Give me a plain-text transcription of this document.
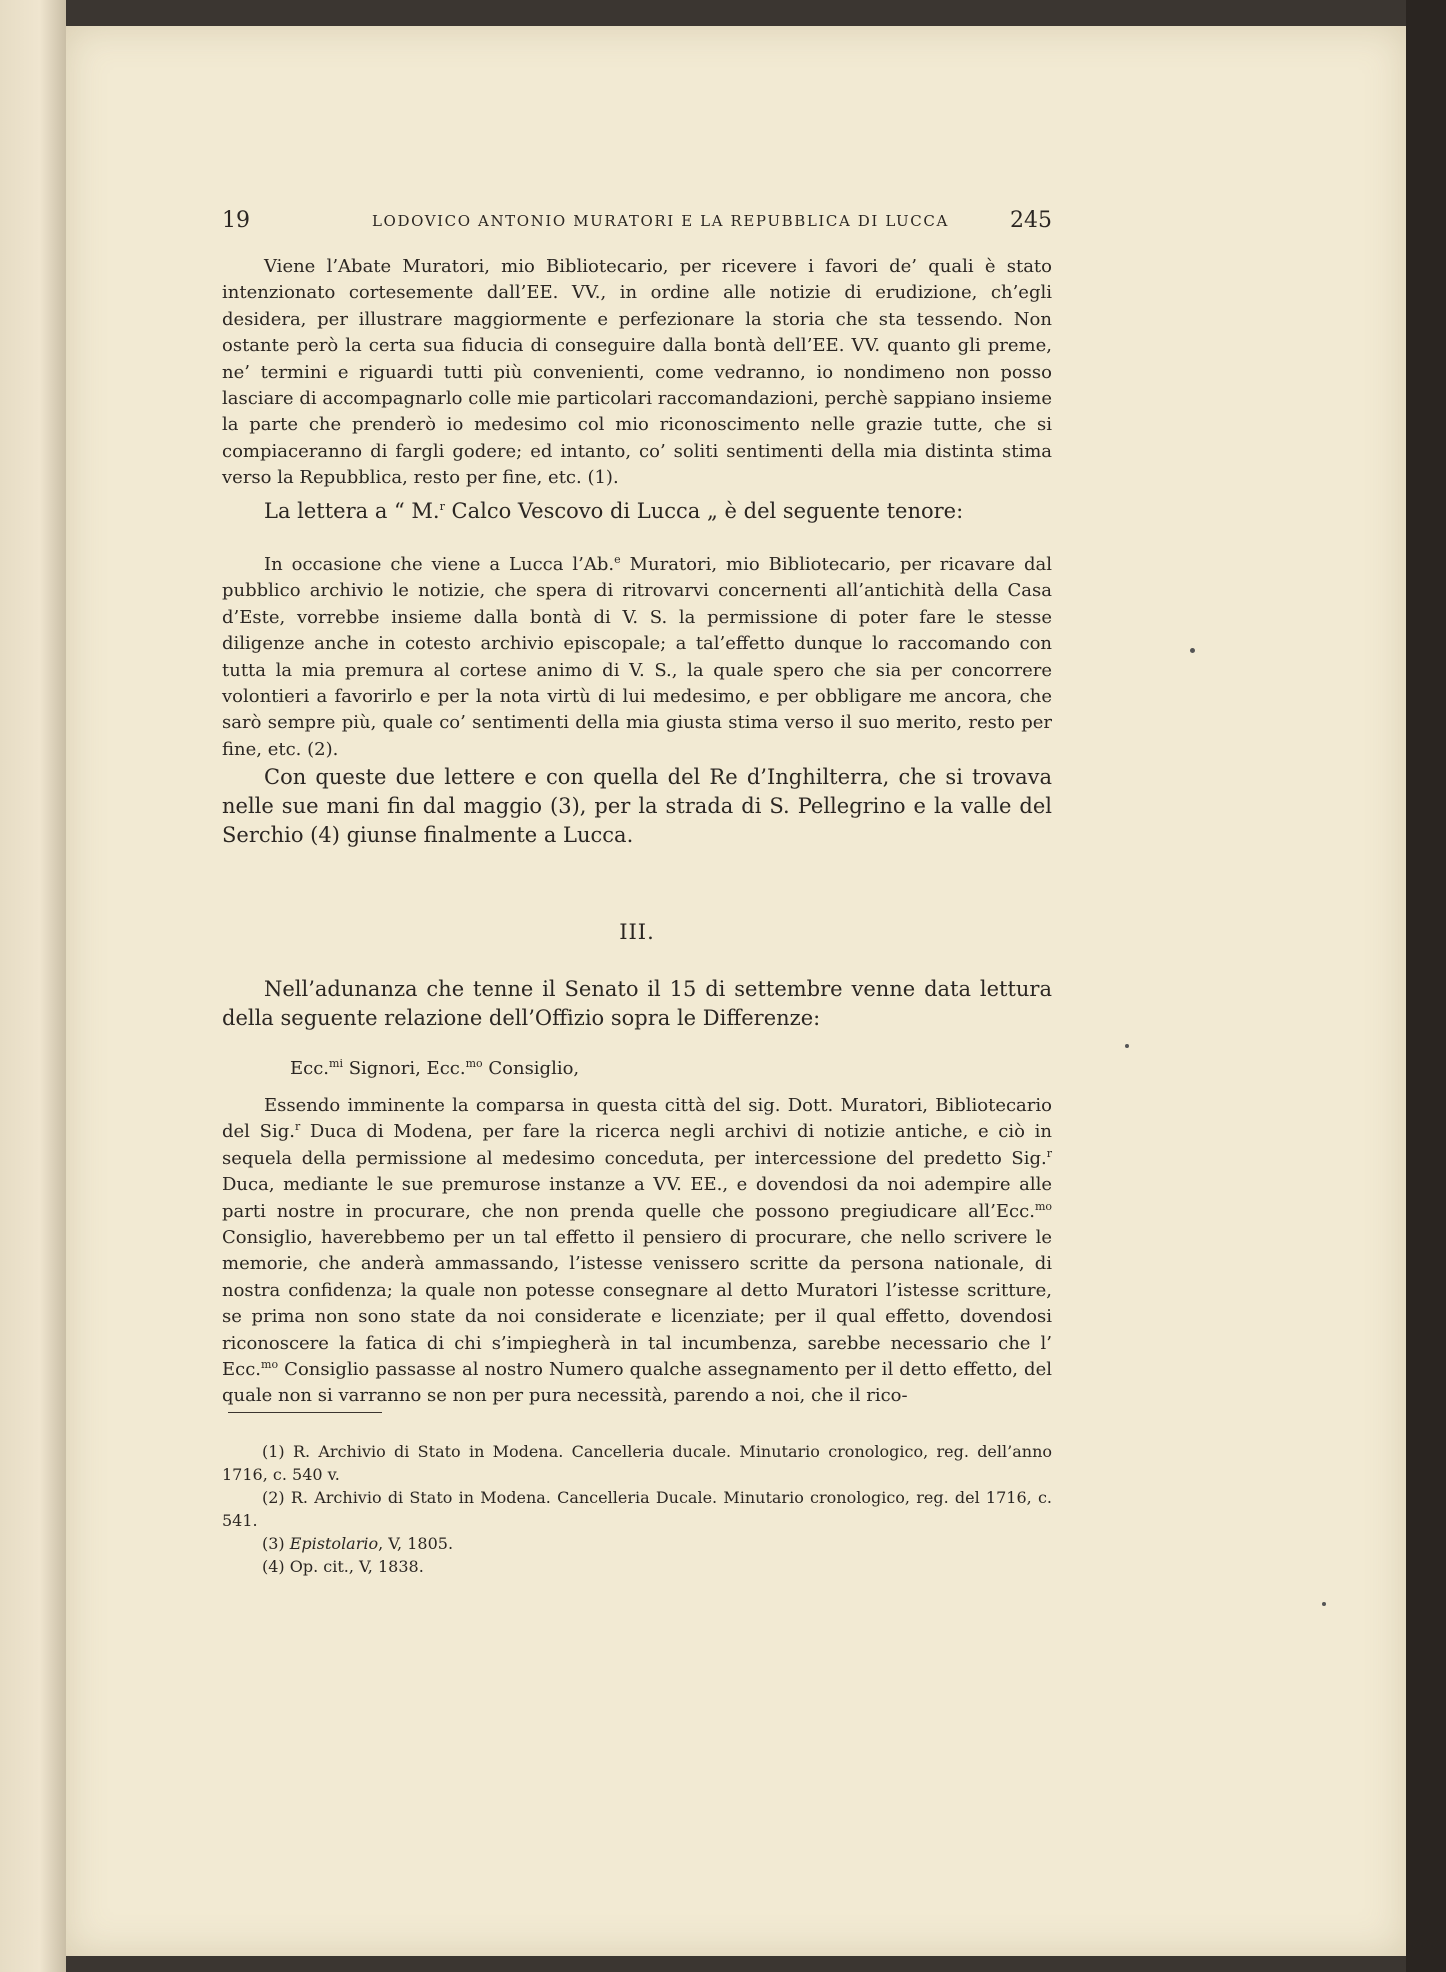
19	LODOVICO ANTONIO MURATORI E LA REPUBBLICA DI LUCCA	245
Viene l’Abate Muratori, mio Bibliotecario, per ricevere i favori de’ quali è stato intenzionato cortesemente dall’EE. VV., in ordine alle notizie di erudizione, ch’egli desidera, per illustrare maggiormente e perfezionare la storia che sta tessendo. Non ostante però la certa sua fiducia di conseguire dalla bontà dell’EE. VV. quanto gli preme, ne’ termini e riguardi tutti più convenienti, come vedranno, io nondimeno non posso lasciare di accompagnarlo colle mie particolari raccomandazioni, perchè sappiano insieme la parte che prenderò io medesimo col mio riconoscimento nelle grazie tutte, che si compiaceranno di fargli godere; ed intanto, co’ soliti sentimenti della mia distinta stima verso la Repubblica, resto per fine, etc. (1).
La lettera a “ M.$^r$ Calco Vescovo di Lucca „ è del seguente tenore:
In occasione che viene a Lucca l’Ab.$^e$ Muratori, mio Bibliotecario, per ricavare dal pubblico archivio le notizie, che spera di ritrovarvi concernenti all’antichità della Casa d’Este, vorrebbe insieme dalla bontà di V. S. la permissione di poter fare le stesse diligenze anche in cotesto archivio episcopale; a tal’effetto dunque lo raccomando con tutta la mia premura al cortese animo di V. S., la quale spero che sia per concorrere volontieri a favorirlo e per la nota virtù di lui medesimo, e per obbligare me ancora, che sarò sempre più, quale co’ sentimenti della mia giusta stima verso il suo merito, resto per fine, etc. (2).
Con queste due lettere e con quella del Re d’Inghilterra, che si trovava nelle sue mani fin dal maggio (3), per la strada di S. Pellegrino e la valle del Serchio (4) giunse finalmente a Lucca.
III.
Nell’adunanza che tenne il Senato il 15 di settembre venne data lettura della seguente relazione dell’Offizio sopra le Differenze:
Ecc.$^{mi}$ Signori, Ecc.$^{mo}$ Consiglio,
Essendo imminente la comparsa in questa città del sig. Dott. Muratori, Bibliotecario del Sig.$^r$ Duca di Modena, per fare la ricerca negli archivi di notizie antiche, e ciò in sequela della permissione al medesimo conceduta, per intercessione del predetto Sig.$^r$ Duca, mediante le sue premurose instanze a VV. EE., e dovendosi da noi adempire alle parti nostre in procurare, che non prenda quelle che possono pregiudicare all’Ecc.$^{mo}$ Consiglio, haverebbemo per un tal effetto il pensiero di procurare, che nello scrivere le memorie, che anderà ammassando, l’istesse venissero scritte da persona nationale, di nostra confidenza; la quale non potesse consegnare al detto Muratori l’istesse scritture, se prima non sono state da noi considerate e licenziate; per il qual effetto, dovendosi riconoscere la fatica di chi s’impiegherà in tal incumbenza, sarebbe necessario che l’ Ecc.$^{mo}$ Consiglio passasse al nostro Numero qualche assegnamento per il detto effetto, del quale non si varranno se non per pura necessità, parendo a noi, che il rico-
(1) R. Archivio di Stato in Modena. Cancelleria ducale. Minutario cronologico, reg. dell’anno 1716, c. 540 v.
(2) R. Archivio di Stato in Modena. Cancelleria Ducale. Minutario cronologico, reg. del 1716, c. 541.
(3) Epistolario, V, 1805.
(4) Op. cit., V, 1838.
